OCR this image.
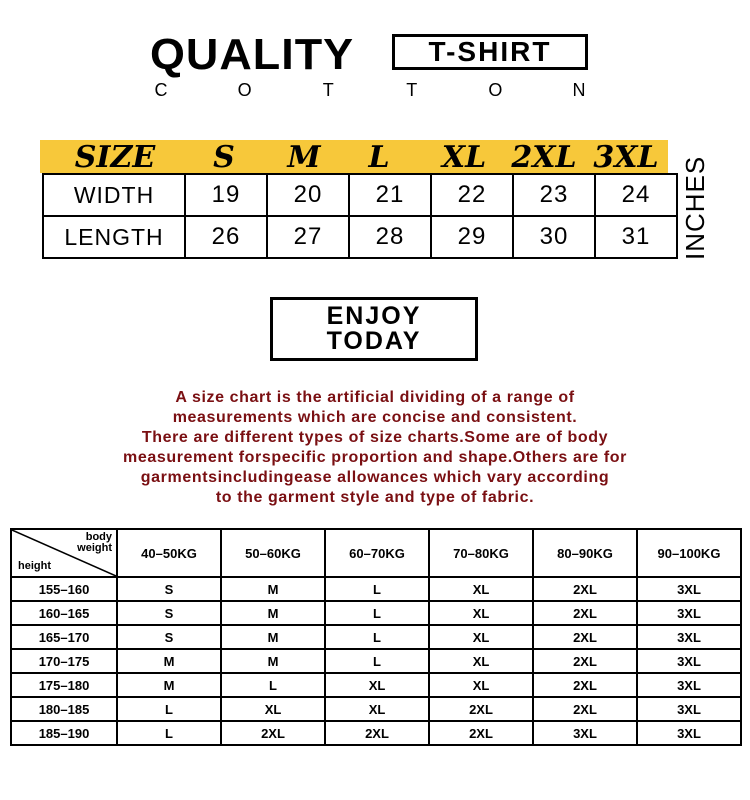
QUALITY	T-SHIRT
C	O	T	T	O	N
SIZE	S	M	L	XL 2XL 3XL
WIDTH	19	20	21	22	23	24
LENGTH	26	27	28	29	30	31 INCHES
ENJOY
TODAY
A size chart is the artificial dividing of a range of
measurements which are concise and consistent.
There are different types of size charts.Some are of body
measurement forspecific proportion and shape.Others are for
garmentsincludingease allowances which vary according
to the garment style and type of fabric.
body
weight
height	40–50KG	50–60KG	60–70KG	70–80KG	80–90KG	90–100KG
155–160	S	M	L	XL	2XL	3XL
160–165	S	M	L	XL	2XL	3XL
165–170	S	M	L	XL	2XL	3XL
170–175	M	M	L	XL	2XL	3XL
175–180	M	L	XL	XL	2XL	3XL
180–185	L	XL	XL	2XL	2XL	3XL
185–190	L	2XL	2XL	2XL	3XL	3XL
